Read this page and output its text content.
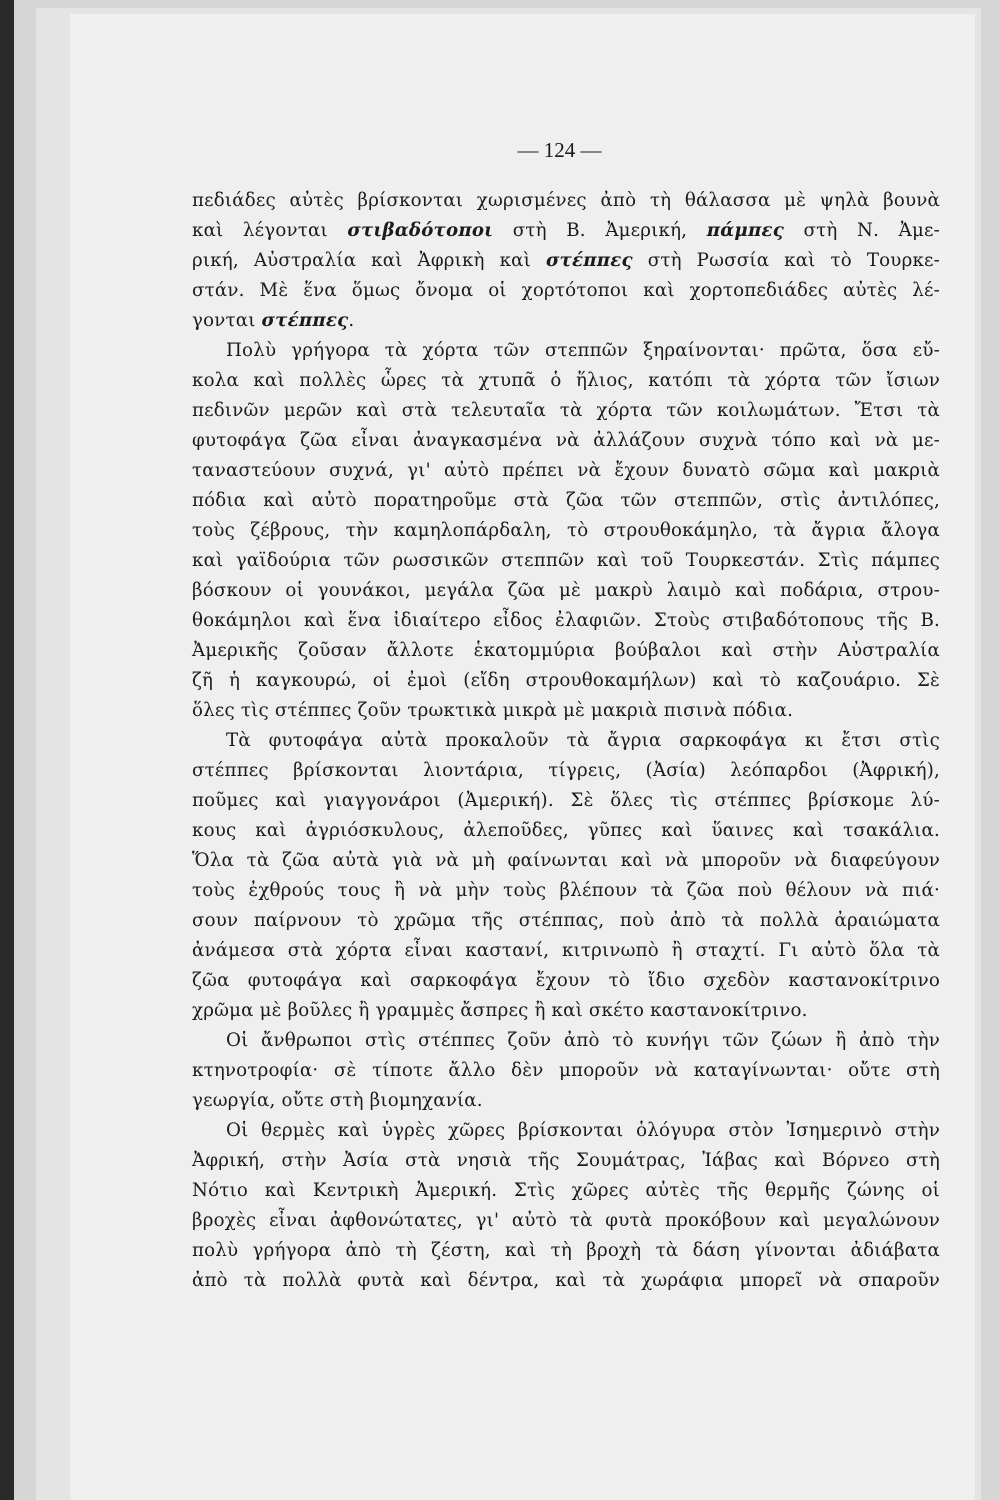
— 124 —
πεδιάδες αὐτὲς βρίσκονται χωρισμένες ἀπὸ τὴ θάλασσα μὲ ψηλὰ βουνὰ
καὶ λέγονται στιβαδότοποι στὴ Β. Ἀμερική, πάμπες στὴ Ν. Ἀμε-
ρική, Αὐστραλία καὶ Ἀφρικὴ καὶ στέππες στὴ Ρωσσία καὶ τὸ Τουρκε-
στάν. Μὲ ἕνα ὅμως ὄνομα οἱ χορτότοποι καὶ χορτοπεδιάδες αὐτὲς λέ-
γονται στέππες.
Πολὺ γρήγορα τὰ χόρτα τῶν στεππῶν ξηραίνονται· πρῶτα, ὅσα εὔ-
κολα καὶ πολλὲς ὧρες τὰ χτυπᾶ ὁ ἥλιος, κατόπι τὰ χόρτα τῶν ἴσιων
πεδινῶν μερῶν καὶ στὰ τελευταῖα τὰ χόρτα τῶν κοιλωμάτων. Ἔτσι τὰ
φυτοφάγα ζῶα εἶναι ἀναγκασμένα νὰ ἀλλάζουν συχνὰ τόπο καὶ νὰ με-
ταναστεύουν συχνά, γι' αὐτὸ πρέπει νὰ ἔχουν δυνατὸ σῶμα καὶ μακριὰ
πόδια καὶ αὐτὸ πορατηροῦμε στὰ ζῶα τῶν στεππῶν, στὶς ἀντιλόπες,
τοὺς ζέβρους, τὴν καμηλοπάρδαλη, τὸ στρουθοκάμηλο, τὰ ἄγρια ἄλογα
καὶ γαϊδούρια τῶν ρωσσικῶν στεππῶν καὶ τοῦ Τουρκεστάν. Στὶς πάμπες
βόσκουν οἱ γουνάκοι, μεγάλα ζῶα μὲ μακρὺ λαιμὸ καὶ ποδάρια, στρου-
θοκάμηλοι καὶ ἕνα ἰδιαίτερο εἶδος ἐλαφιῶν. Στοὺς στιβαδότοπους τῆς Β.
Ἀμερικῆς ζοῦσαν ἄλλοτε ἑκατομμύρια βούβαλοι καὶ στὴν Αὐστραλία
ζῆ ἡ καγκουρώ, οἱ ἐμοὶ (εἴδη στρουθοκαμήλων) καὶ τὸ καζουάριο. Σὲ
ὅλες τὶς στέππες ζοῦν τρωκτικὰ μικρὰ μὲ μακριὰ πισινὰ πόδια.
Τὰ φυτοφάγα αὐτὰ προκαλοῦν τὰ ἄγρια σαρκοφάγα κι ἔτσι στὶς
στέππες βρίσκονται λιοντάρια, τίγρεις, (Ἀσία) λεόπαρδοι (Ἀφρική),
ποῦμες καὶ γιαγγονάροι (Ἀμερική). Σὲ ὅλες τὶς στέππες βρίσκομε λύ-
κους καὶ ἀγριόσκυλους, ἀλεποῦδες, γῦπες καὶ ὕαινες καὶ τσακάλια.
Ὅλα τὰ ζῶα αὐτὰ γιὰ νὰ μὴ φαίνωνται καὶ νὰ μποροῦν νὰ διαφεύγουν
τοὺς ἐχθρούς τους ἢ νὰ μὴν τοὺς βλέπουν τὰ ζῶα ποὺ θέλουν νὰ πιά·
σουν παίρνουν τὸ χρῶμα τῆς στέππας, ποὺ ἀπὸ τὰ πολλὰ ἀραιώματα
ἀνάμεσα στὰ χόρτα εἶναι καστανί, κιτρινωπὸ ἢ σταχτί. Γι αὐτὸ ὅλα τὰ
ζῶα φυτοφάγα καὶ σαρκοφάγα ἔχουν τὸ ἴδιο σχεδὸν καστανοκίτρινο
χρῶμα μὲ βοῦλες ἢ γραμμὲς ἄσπρες ἢ καὶ σκέτο καστανοκίτρινο.
Οἱ ἄνθρωποι στὶς στέππες ζοῦν ἀπὸ τὸ κυνήγι τῶν ζώων ἢ ἀπὸ τὴν
κτηνοτροφία· σὲ τίποτε ἄλλο δὲν μποροῦν νὰ καταγίνωνται· οὔτε στὴ
γεωργία, οὔτε στὴ βιομηχανία.
Οἱ θερμὲς καὶ ὑγρὲς χῶρες βρίσκονται ὁλόγυρα στὸν Ἰσημερινὸ στὴν
Ἀφρική, στὴν Ἀσία στὰ νησιὰ τῆς Σουμάτρας, Ἰάβας καὶ Βόρνεο στὴ
Νότιο καὶ Κεντρικὴ Ἀμερική. Στὶς χῶρες αὐτὲς τῆς θερμῆς ζώνης οἱ
βροχὲς εἶναι ἀφθονώτατες, γι' αὐτὸ τὰ φυτὰ προκόβουν καὶ μεγαλώνουν
πολὺ γρήγορα ἀπὸ τὴ ζέστη, καὶ τὴ βροχὴ τὰ δάση γίνονται ἀδιάβατα
ἀπὸ τὰ πολλὰ φυτὰ καὶ δέντρα, καὶ τὰ χωράφια μπορεῖ νὰ σπαροῦν
